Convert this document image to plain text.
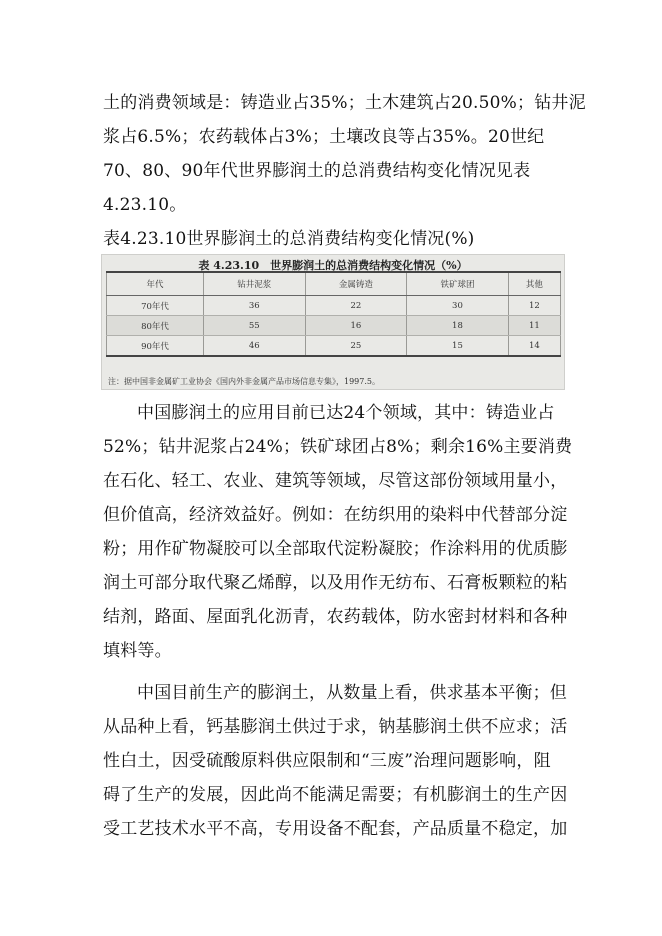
土的消费领域是：铸造业占35%；土木建筑占20.50%；钻井泥
浆占6.5%；农药载体占3%；土壤改良等占35%。20世纪
70、80、90年代世界膨润土的总消费结构变化情况见表
4.23.10。
表4.23.10世界膨润土的总消费结构变化情况(%)
表 4.23.10　世界膨润土的总消费结构变化情况（%）
年代	钻井泥浆	金属铸造	铁矿球团	其他
70年代	36	22	30	12
80年代	55	16	18	11
90年代	46	25	15	14
注：据中国非金属矿工业协会《国内外非金属产品市场信息专集》，1997.5。
中国膨润土的应用目前已达24个领域，其中：铸造业占
52%；钻井泥浆占24%；铁矿球团占8%；剩余16%主要消费
在石化、轻工、农业、建筑等领域，尽管这部份领域用量小，
但价值高，经济效益好。例如：在纺织用的染料中代替部分淀
粉；用作矿物凝胶可以全部取代淀粉凝胶；作涂料用的优质膨
润土可部分取代聚乙烯醇，以及用作无纺布、石膏板颗粒的粘
结剂，路面、屋面乳化沥青，农药载体，防水密封材料和各种
填料等。
中国目前生产的膨润土，从数量上看，供求基本平衡；但
从品种上看，钙基膨润土供过于求，钠基膨润土供不应求；活
性白土，因受硫酸原料供应限制和“三废”治理问题影响，阻
碍了生产的发展，因此尚不能满足需要；有机膨润土的生产因
受工艺技术水平不高，专用设备不配套，产品质量不稳定，加
